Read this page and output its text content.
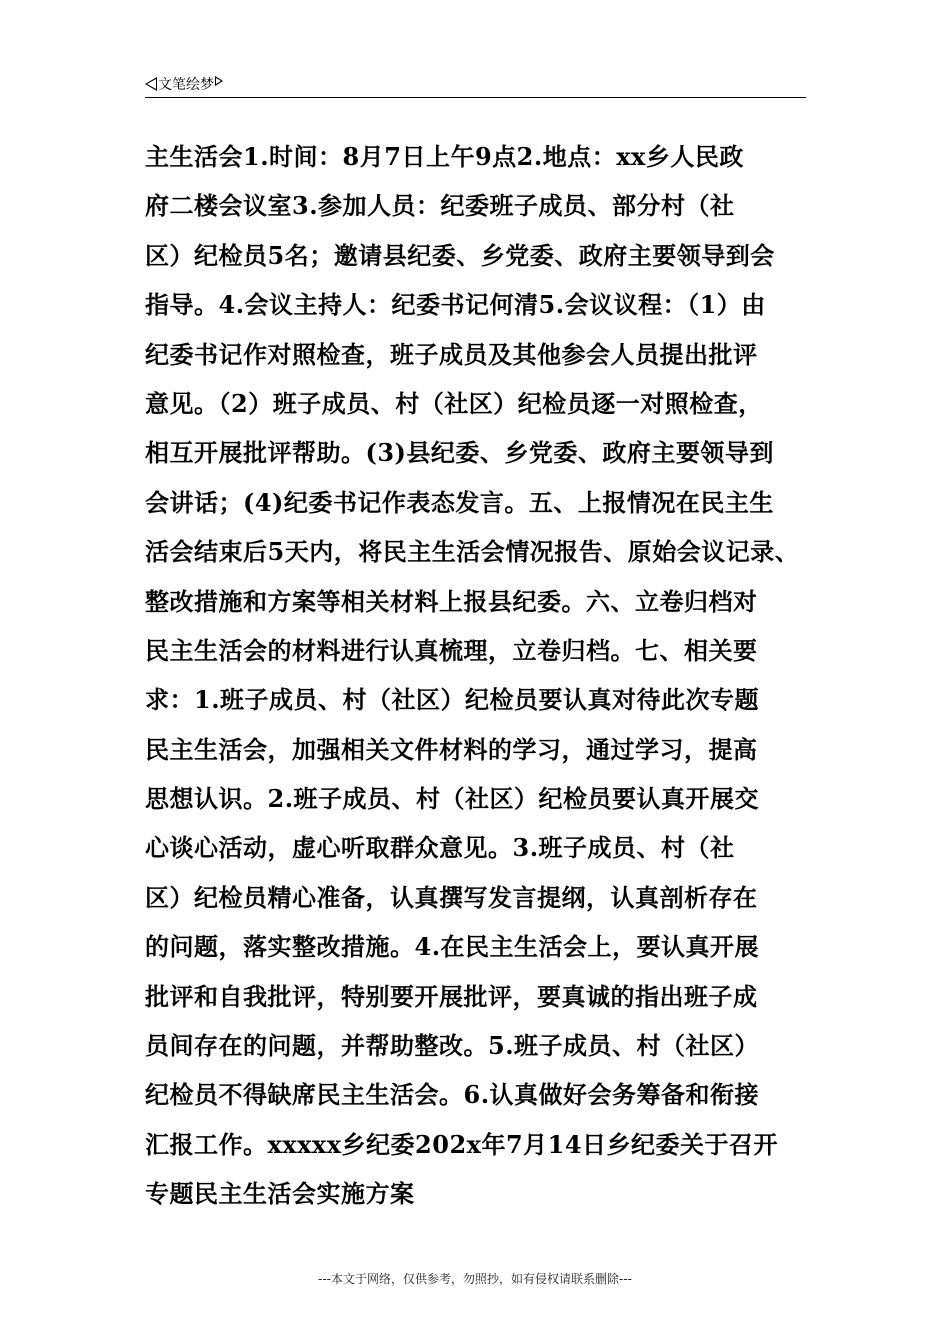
文笔绘梦
主生活会1.时间：8月7日上午9点2.地点：xx乡人民政
府二楼会议室3.参加人员：纪委班子成员、部分村（社
区）纪检员5名；邀请县纪委、乡党委、政府主要领导到会
指导。4.会议主持人：纪委书记何清5.会议议程：（1）由
纪委书记作对照检查，班子成员及其他参会人员提出批评
意见。（2）班子成员、村（社区）纪检员逐一对照检查，
相互开展批评帮助。(3)县纪委、乡党委、政府主要领导到
会讲话；(4)纪委书记作表态发言。五、上报情况在民主生
活会结束后5天内，将民主生活会情况报告、原始会议记录、
整改措施和方案等相关材料上报县纪委。六、立卷归档对
民主生活会的材料进行认真梳理，立卷归档。七、相关要
求：1.班子成员、村（社区）纪检员要认真对待此次专题
民主生活会，加强相关文件材料的学习，通过学习，提高
思想认识。2.班子成员、村（社区）纪检员要认真开展交
心谈心活动，虚心听取群众意见。3.班子成员、村（社
区）纪检员精心准备，认真撰写发言提纲，认真剖析存在
的问题，落实整改措施。4.在民主生活会上，要认真开展
批评和自我批评，特别要开展批评，要真诚的指出班子成
员间存在的问题，并帮助整改。5.班子成员、村（社区）
纪检员不得缺席民主生活会。6.认真做好会务筹备和衔接
汇报工作。xxxxx乡纪委202x年7月14日乡纪委关于召开
专题民主生活会实施方案
---本文于网络，仅供参考，勿照抄，如有侵权请联系删除---
